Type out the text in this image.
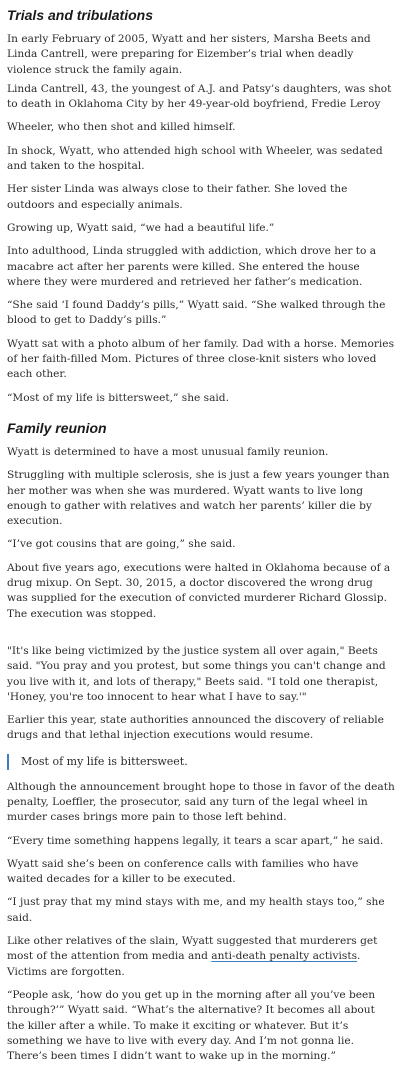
Trials and tribulations

In early February of 2005, Wyatt and her sisters, Marsha Beets and Linda Cantrell, were preparing for Eizember’s trial when deadly violence struck the family again.

Linda Cantrell, 43, the youngest of A.J. and Patsy’s daughters, was shot to death in Oklahoma City by her 49-year-old boyfriend, Fredie Leroy

Wheeler, who then shot and killed himself.

In shock, Wyatt, who attended high school with Wheeler, was sedated and taken to the hospital.

Her sister Linda was always close to their father. She loved the outdoors and especially animals.

Growing up, Wyatt said, “we had a beautiful life.”

Into adulthood, Linda struggled with addiction, which drove her to a macabre act after her parents were killed. She entered the house where they were murdered and retrieved her father’s medication.

“She said ‘I found Daddy’s pills,” Wyatt said. “She walked through the blood to get to Daddy’s pills.”

Wyatt sat with a photo album of her family. Dad with a horse. Memories of her faith-filled Mom. Pictures of three close-knit sisters who loved each other.

“Most of my life is bittersweet,” she said.

Family reunion

Wyatt is determined to have a most unusual family reunion.

Struggling with multiple sclerosis, she is just a few years younger than her mother was when she was murdered. Wyatt wants to live long enough to gather with relatives and watch her parents’ killer die by execution.

“I’ve got cousins that are going,” she said.

About five years ago, executions were halted in Oklahoma because of a drug mixup. On Sept. 30, 2015, a doctor discovered the wrong drug was supplied for the execution of convicted murderer Richard Glossip. The execution was stopped.

"It's like being victimized by the justice system all over again," Beets said. "You pray and you protest, but some things you can't change and you live with it, and lots of therapy," Beets said. "I told one therapist, 'Honey, you're too innocent to hear what I have to say.'"

Earlier this year, state authorities announced the discovery of reliable drugs and that lethal injection executions would resume.

Most of my life is bittersweet.

Although the announcement brought hope to those in favor of the death penalty, Loeffler, the prosecutor, said any turn of the legal wheel in murder cases brings more pain to those left behind.

“Every time something happens legally, it tears a scar apart,” he said.

Wyatt said she’s been on conference calls with families who have waited decades for a killer to be executed.

“I just pray that my mind stays with me, and my health stays too,” she said.

Like other relatives of the slain, Wyatt suggested that murderers get most of the attention from media and anti-death penalty activists. Victims are forgotten.

“People ask, ‘how do you get up in the morning after all you’ve been through?’” Wyatt said. “What’s the alternative? It becomes all about the killer after a while. To make it exciting or whatever. But it’s something we have to live with every day. And I’m not gonna lie. There’s been times I didn’t want to wake up in the morning.”
